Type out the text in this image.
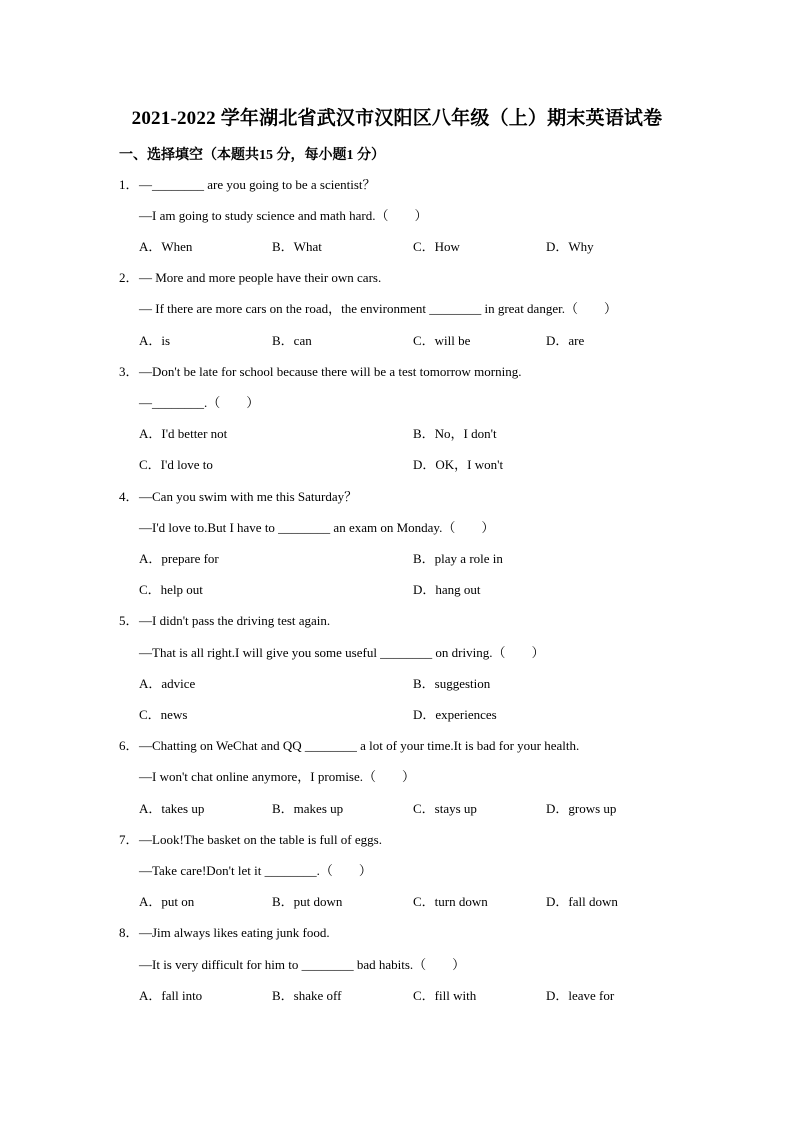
2021-2022 学年湖北省武汉市汉阳区八年级（上）期末英语试卷
一、选择填空（本题共15 分，每小题1 分）
1．—________ are you going to be a scientist？
—I am going to study science and math hard.（　　）
A．When	B．What	C．How	D．Why
2．— More and more people have their own cars.
— If there are more cars on the road，the environment ________ in great danger.（　　）
A．is	B．can	C．will be	D．are
3．—Don't be late for school because there will be a test tomorrow morning.
—________.（　　）
A．I'd better not	B．No，I don't
C．I'd love to	D．OK，I won't
4．—Can you swim with me this Saturday？
—I'd love to.But I have to ________ an exam on Monday.（　　）
A．prepare for	B．play a role in
C．help out	D．hang out
5．—I didn't pass the driving test again.
—That is all right.I will give you some useful ________ on driving.（　　）
A．advice	B．suggestion
C．news	D．experiences
6．—Chatting on WeChat and QQ ________ a lot of your time.It is bad for your health.
—I won't chat online anymore，I promise.（　　）
A．takes up	B．makes up	C．stays up	D．grows up
7．—Look!The basket on the table is full of eggs.
—Take care!Don't let it ________.（　　）
A．put on	B．put down	C．turn down	D．fall down
8．—Jim always likes eating junk food.
—It is very difficult for him to ________ bad habits.（　　）
A．fall into	B．shake off	C．fill with	D．leave for
